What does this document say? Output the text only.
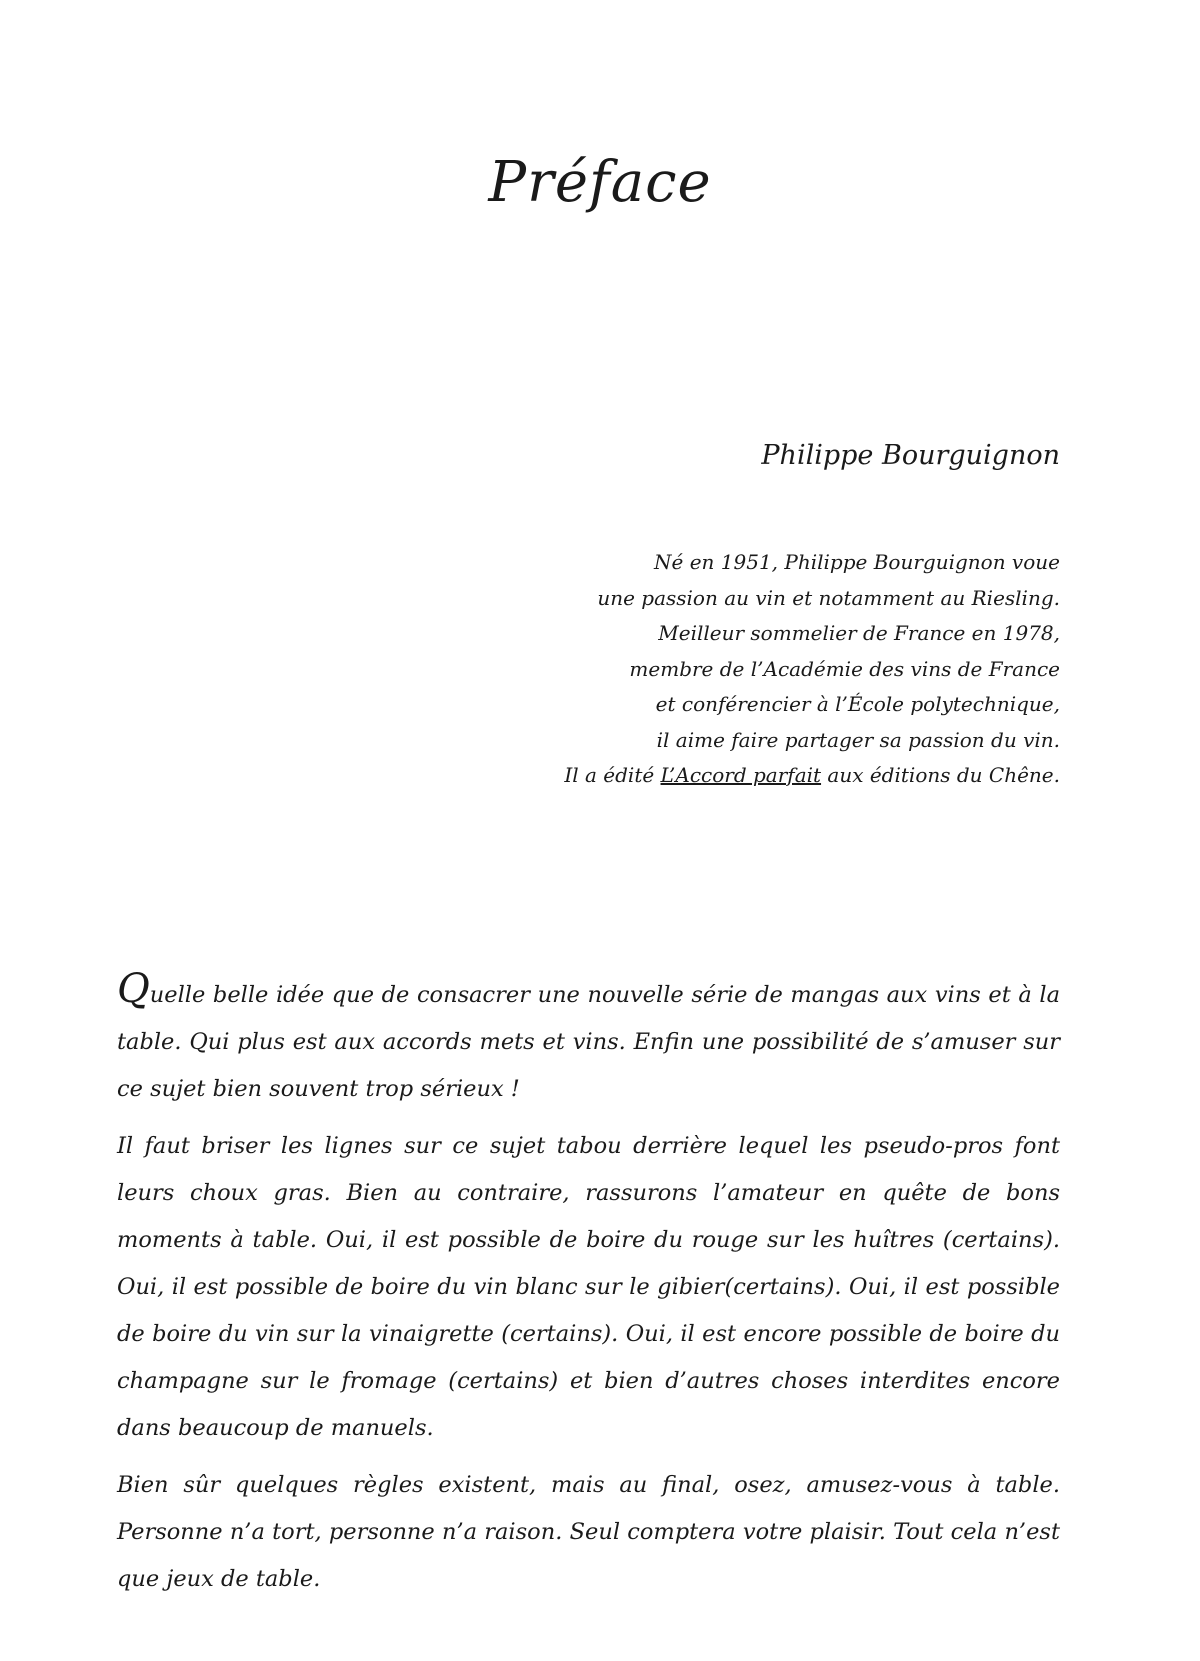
Préface
Philippe Bourguignon
Né en 1951, Philippe Bourguignon voue
une passion au vin et notamment au Riesling.
Meilleur sommelier de France en 1978,
membre de l’Académie des vins de France
et conférencier à l’École polytechnique,
il aime faire partager sa passion du vin.
Il a édité L’Accord parfait aux éditions du Chêne.

Quelle belle idée que de consacrer une nouvelle série de mangas aux vins et à la table. Qui plus est aux accords mets et vins. Enfin une possibilité de s’amuser sur ce sujet bien souvent trop sérieux !

Il faut briser les lignes sur ce sujet tabou derrière lequel les pseudo-pros font leurs choux gras. Bien au contraire, rassurons l’amateur en quête de bons moments à table. Oui, il est possible de boire du rouge sur les huîtres (certains). Oui, il est possible de boire du vin blanc sur le gibier(certains). Oui, il est possible de boire du vin sur la vinaigrette (certains). Oui, il est encore possible de boire du champagne sur le fromage (certains) et bien d’autres choses interdites encore dans beaucoup de manuels.

Bien sûr quelques règles existent, mais au final, osez, amusez-vous à table. Personne n’a tort, personne n’a raison. Seul comptera votre plaisir. Tout cela n’est que jeux de table.
